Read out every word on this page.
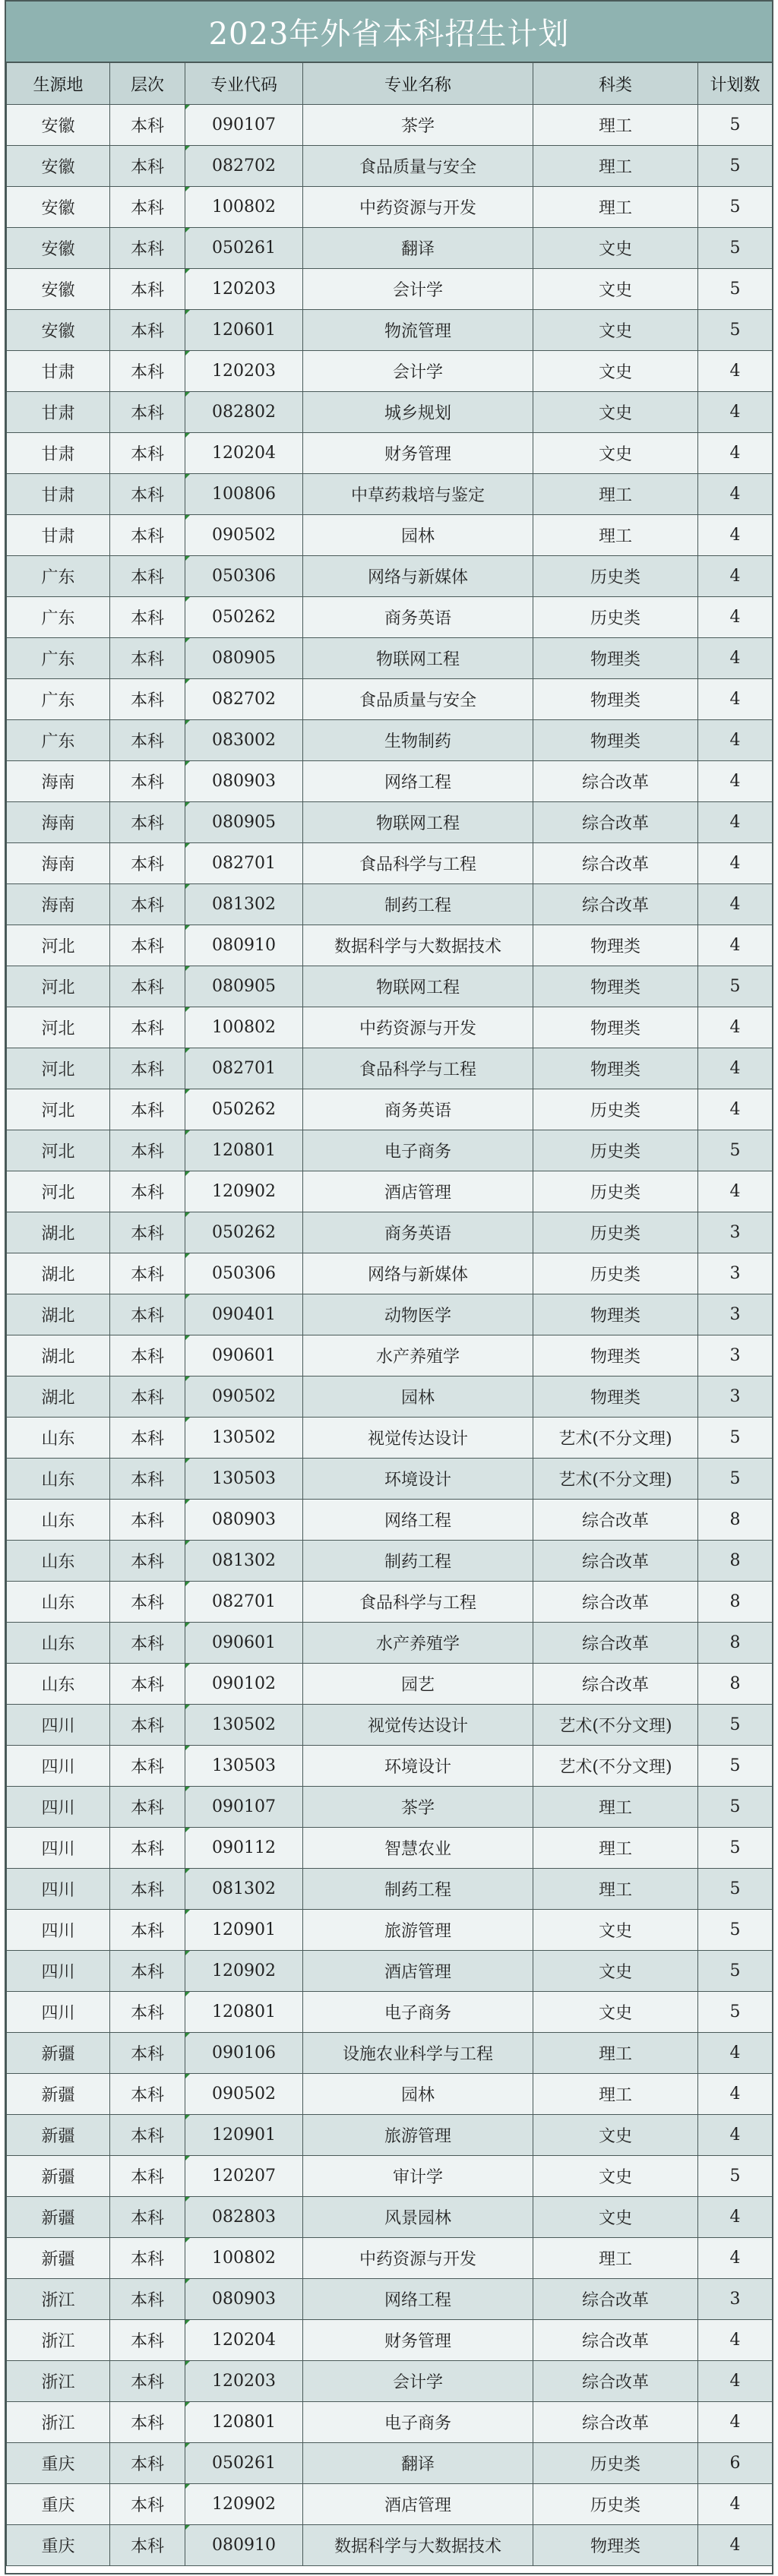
2023年外省本科招生计划
生源地	层次	专业代码	专业名称	科类	计划数
安徽	本科	090107	茶学	理工	5
安徽	本科	082702	食品质量与安全	理工	5
安徽	本科	100802	中药资源与开发	理工	5
安徽	本科	050261	翻译	文史	5
安徽	本科	120203	会计学	文史	5
安徽	本科	120601	物流管理	文史	5
甘肃	本科	120203	会计学	文史	4
甘肃	本科	082802	城乡规划	文史	4
甘肃	本科	120204	财务管理	文史	4
甘肃	本科	100806	中草药栽培与鉴定	理工	4
甘肃	本科	090502	园林	理工	4
广东	本科	050306	网络与新媒体	历史类	4
广东	本科	050262	商务英语	历史类	4
广东	本科	080905	物联网工程	物理类	4
广东	本科	082702	食品质量与安全	物理类	4
广东	本科	083002	生物制药	物理类	4
海南	本科	080903	网络工程	综合改革	4
海南	本科	080905	物联网工程	综合改革	4
海南	本科	082701	食品科学与工程	综合改革	4
海南	本科	081302	制药工程	综合改革	4
河北	本科	080910	数据科学与大数据技术	物理类	4
河北	本科	080905	物联网工程	物理类	5
河北	本科	100802	中药资源与开发	物理类	4
河北	本科	082701	食品科学与工程	物理类	4
河北	本科	050262	商务英语	历史类	4
河北	本科	120801	电子商务	历史类	5
河北	本科	120902	酒店管理	历史类	4
湖北	本科	050262	商务英语	历史类	3
湖北	本科	050306	网络与新媒体	历史类	3
湖北	本科	090401	动物医学	物理类	3
湖北	本科	090601	水产养殖学	物理类	3
湖北	本科	090502	园林	物理类	3
山东	本科	130502	视觉传达设计	艺术(不分文理)	5
山东	本科	130503	环境设计	艺术(不分文理)	5
山东	本科	080903	网络工程	综合改革	8
山东	本科	081302	制药工程	综合改革	8
山东	本科	082701	食品科学与工程	综合改革	8
山东	本科	090601	水产养殖学	综合改革	8
山东	本科	090102	园艺	综合改革	8
四川	本科	130502	视觉传达设计	艺术(不分文理)	5
四川	本科	130503	环境设计	艺术(不分文理)	5
四川	本科	090107	茶学	理工	5
四川	本科	090112	智慧农业	理工	5
四川	本科	081302	制药工程	理工	5
四川	本科	120901	旅游管理	文史	5
四川	本科	120902	酒店管理	文史	5
四川	本科	120801	电子商务	文史	5
新疆	本科	090106	设施农业科学与工程	理工	4
新疆	本科	090502	园林	理工	4
新疆	本科	120901	旅游管理	文史	4
新疆	本科	120207	审计学	文史	5
新疆	本科	082803	风景园林	文史	4
新疆	本科	100802	中药资源与开发	理工	4
浙江	本科	080903	网络工程	综合改革	3
浙江	本科	120204	财务管理	综合改革	4
浙江	本科	120203	会计学	综合改革	4
浙江	本科	120801	电子商务	综合改革	4
重庆	本科	050261	翻译	历史类	6
重庆	本科	120902	酒店管理	历史类	4
重庆	本科	080910	数据科学与大数据技术	物理类	4
